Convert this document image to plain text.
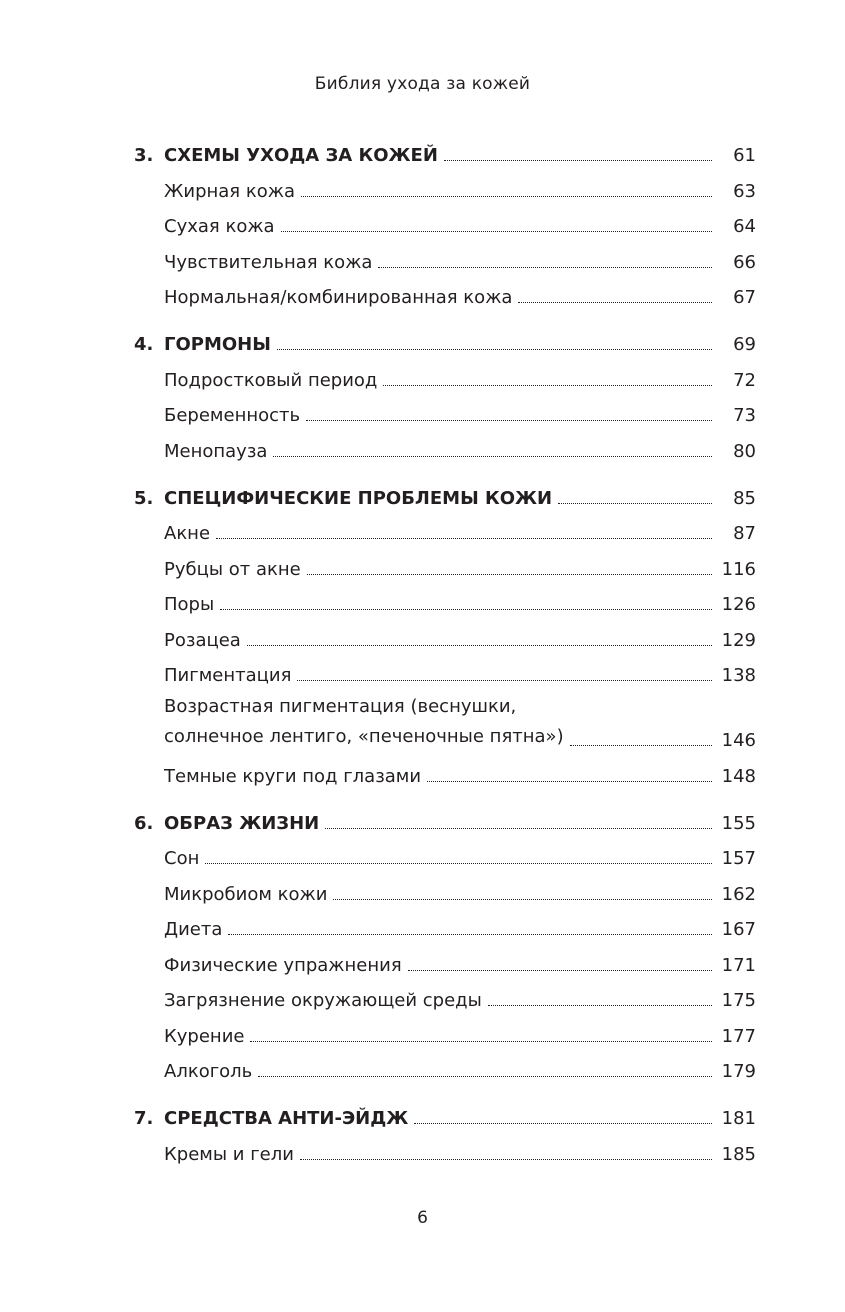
Библия ухода за кожей
3. СХЕМЫ УХОДА ЗА КОЖЕЙ	61
Жирная кожа	63
Сухая кожа	64
Чувствительная кожа	66
Нормальная/комбинированная кожа	67
4. ГОРМОНЫ	69
Подростковый период	72
Беременность	73
Менопауза	80
5. СПЕЦИФИЧЕСКИЕ ПРОБЛЕМЫ КОЖИ	85
Акне	87
Рубцы от акне	116
Поры	126
Розацеа	129
Пигментация	138
Возрастная пигментация (веснушки,
солнечное лентиго, «печеночные пятна»)	146
Темные круги под глазами	148
6. ОБРАЗ ЖИЗНИ	155
Сон	157
Микробиом кожи	162
Диета	167
Физические упражнения	171
Загрязнение окружающей среды	175
Курение	177
Алкоголь	179
7. СРЕДСТВА АНТИ-ЭЙДЖ	181
Кремы и гели	185
6
